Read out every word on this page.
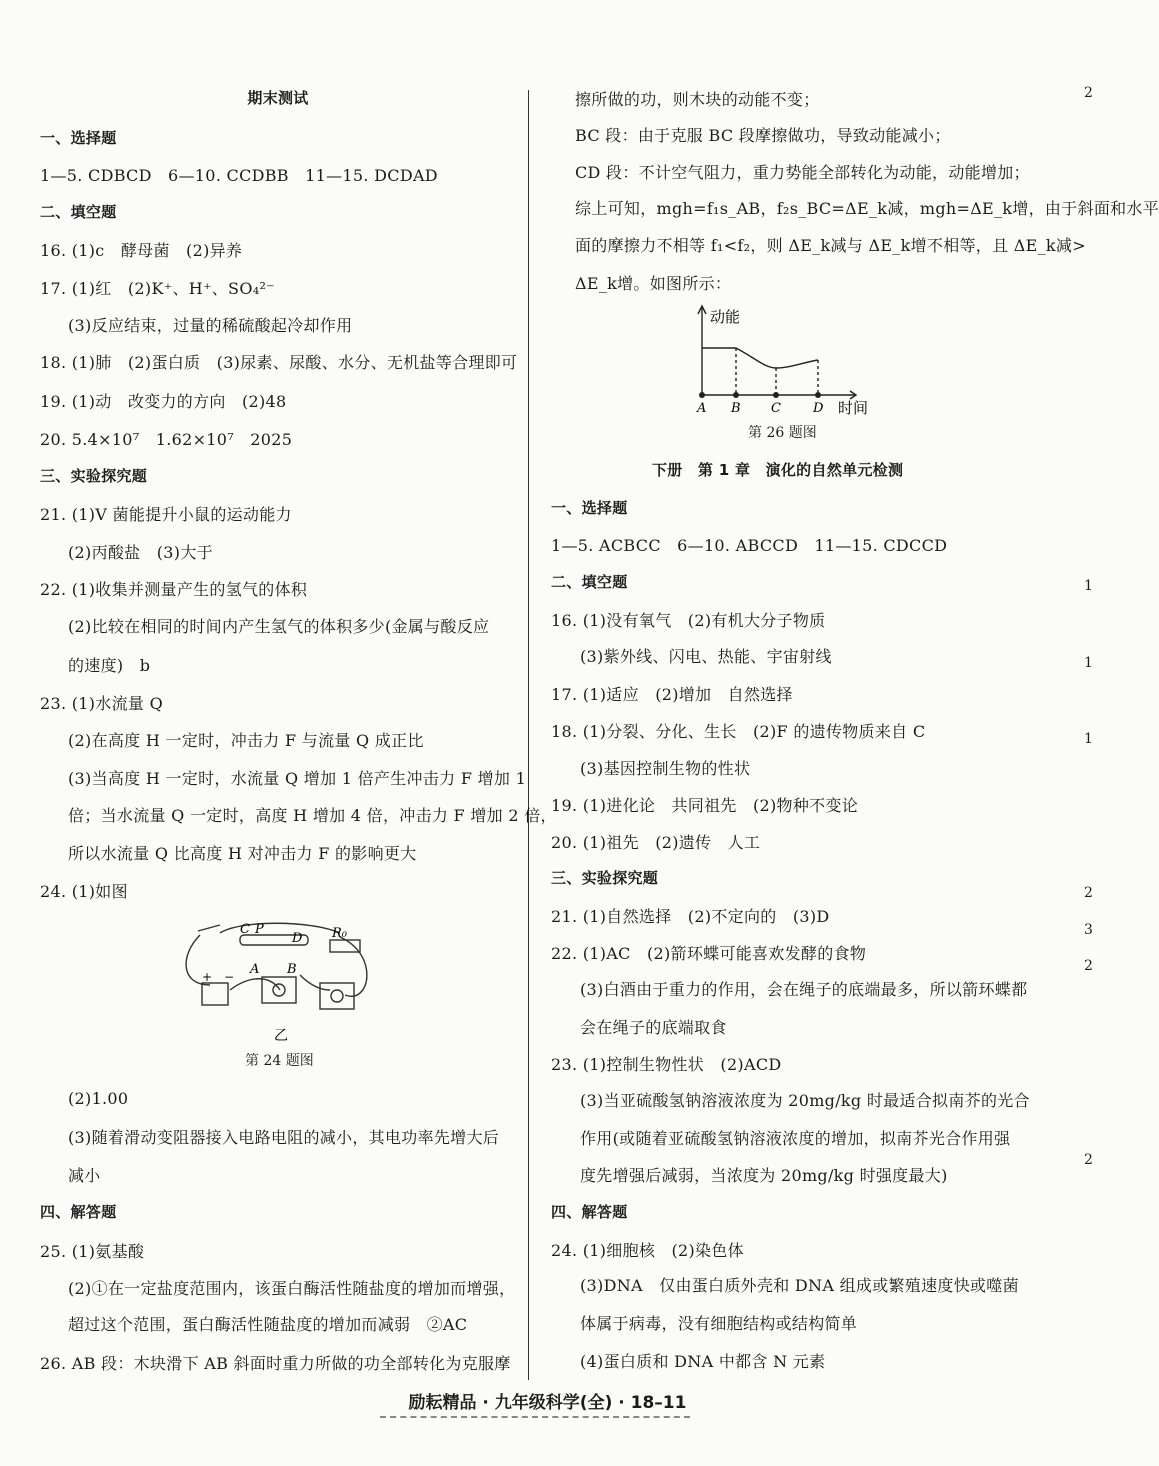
期末测试
一、选择题
1—5. CDBCD　6—10. CCDBB　11—15. DCDAD
二、填空题
16. (1)c　酵母菌　(2)异养
17. (1)红　(2)K⁺、H⁺、SO₄²⁻
(3)反应结束，过量的稀硫酸起冷却作用
18. (1)肺　(2)蛋白质　(3)尿素、尿酸、水分、无机盐等合理即可
19. (1)动　改变力的方向　(2)48
20. 5.4×10⁷　1.62×10⁷　2025
三、实验探究题
21. (1)V 菌能提升小鼠的运动能力
(2)丙酸盐　(3)大于
22. (1)收集并测量产生的氢气的体积
(2)比较在相同的时间内产生氢气的体积多少(金属与酸反应
的速度)　b
23. (1)水流量 Q
(2)在高度 H 一定时，冲击力 F 与流量 Q 成正比
(3)当高度 H 一定时，水流量 Q 增加 1 倍产生冲击力 F 增加 1
倍；当水流量 Q 一定时，高度 H 增加 4 倍，冲击力 F 增加 2 倍，
所以水流量 Q 比高度 H 对冲击力 F 的影响更大
24. (1)如图
C P
D R₀
A B
+ −
乙
第 24 题图
(2)1.00
(3)随着滑动变阻器接入电路电阻的减小，其电功率先增大后
减小
四、解答题
25. (1)氨基酸
(2)①在一定盐度范围内，该蛋白酶活性随盐度的增加而增强，
超过这个范围，蛋白酶活性随盐度的增加而减弱　②AC
26. AB 段：木块滑下 AB 斜面时重力所做的功全部转化为克服摩
擦所做的功，则木块的动能不变；
BC 段：由于克服 BC 段摩擦做功，导致动能减小；
CD 段：不计空气阻力，重力势能全部转化为动能，动能增加；
综上可知，mgh=f₁s_AB，f₂s_BC=ΔE_k减，mgh=ΔE_k增，由于斜面和水平
面的摩擦力不相等 f₁<f₂，则 ΔE_k减与 ΔE_k增不相等，且 ΔE_k减>
ΔE_k增。如图所示：
动能
时间
A B C D
第 26 题图
下册　第 1 章　演化的自然单元检测
一、选择题
1—5. ACBCC　6—10. ABCCD　11—15. CDCCD
二、填空题
16. (1)没有氧气　(2)有机大分子物质
(3)紫外线、闪电、热能、宇宙射线
17. (1)适应　(2)增加　自然选择
18. (1)分裂、分化、生长　(2)F 的遗传物质来自 C
(3)基因控制生物的性状
19. (1)进化论　共同祖先　(2)物种不变论
20. (1)祖先　(2)遗传　人工
三、实验探究题
21. (1)自然选择　(2)不定向的　(3)D
22. (1)AC　(2)箭环蝶可能喜欢发酵的食物
(3)白酒由于重力的作用，会在绳子的底端最多，所以箭环蝶都
会在绳子的底端取食
23. (1)控制生物性状　(2)ACD
(3)当亚硫酸氢钠溶液浓度为 20mg/kg 时最适合拟南芥的光合
作用(或随着亚硫酸氢钠溶液浓度的增加，拟南芥光合作用强
度先增强后减弱，当浓度为 20mg/kg 时强度最大)
四、解答题
24. (1)细胞核　(2)染色体
(3)DNA　仅由蛋白质外壳和 DNA 组成或繁殖速度快或噬菌
体属于病毒，没有细胞结构或结构简单
(4)蛋白质和 DNA 中都含 N 元素
2
1
1
1
2
3
2
2
励耘精品 · 九年级科学(全) · 18–11
